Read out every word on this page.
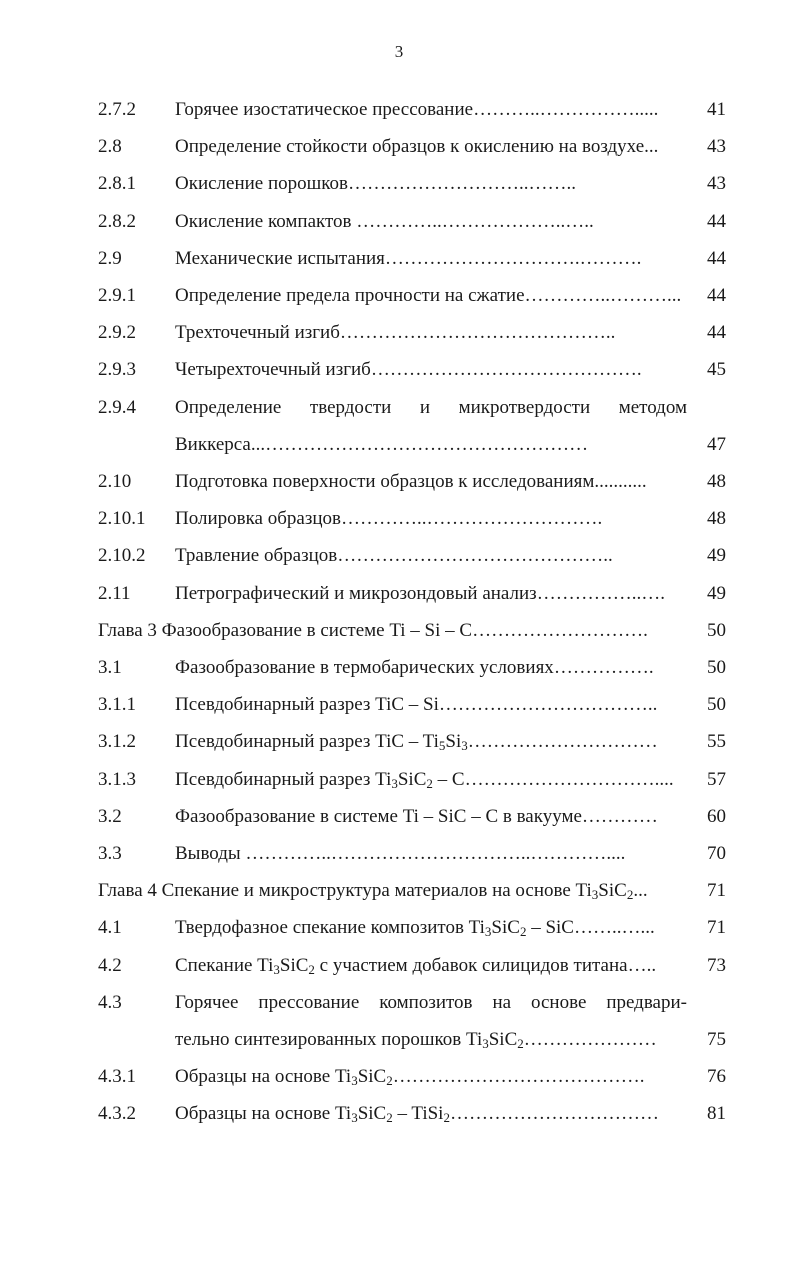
3
2.7.2 Горячее изостатическое прессование………..…………….....	41
2.8	Определение стойкости образцов к окислению на воздухе...	43
2.8.1 Окисление порошков………………………..……..	43
2.8.2 Окисление компактов …………..………………..…..	44
2.9	Механические испытания………………………….……….	44
2.9.1 Определение предела прочности на сжатие…………..………...	44
2.9.2 Трехточечный изгиб……………………………………..	44
2.9.3 Четырехточечный изгиб…………………………………….	45
2.9.4 Определение твердости и микротвердости методом
Виккерса...……………………………………………	47
2.10 Подготовка поверхности образцов к исследованиям...........	48
2.10.1 Полировка образцов…………..……………………….	48
2.10.2 Травление образцов……………………………………..	49
2.11 Петрографический и микрозондовый анализ……………..….	49
Глава 3 Фазообразование в системе Ti – Si – C……………………….	50
3.1	Фазообразование в термобарических условиях…………….	50
3.1.1 Псевдобинарный разрез TiC – Si……………………………..	50
3.1.2 Псевдобинарный разрез TiC – $Ti_5Si_3\dots\dots\dots\dots\dots\dots\dots\dots\dots\dots$	55
3.1.3 Псевдобинарный разрез $Ti_3SiC_2$ – C…………………………....	57
3.2	Фазообразование в системе Ti – SiC – C в вакууме…………	60
3.3	Выводы …………..…………………………..…………....	70
Глава 4 Спекание и микроструктура материалов на основе $Ti_3SiC_2$...	71
4.1	Твердофазное спекание композитов $Ti_3SiC_2$ – SiC……..…...	71
4.2	Спекание $Ti_3SiC_2$ с участием добавок силицидов титана…..	73
4.3	Горячее прессование композитов на основе предвари-
тельно синтезированных порошков $Ti_3SiC_2\dots\dots\dots\dots\dots\dots\dots$	75
4.3.1 Образцы на основе $Ti_3SiC_2\dots\dots\dots\dots\dots\dots\dots\dots\dots\dots\dots\dots\dots$.	76
4.3.2 Образцы на основе $Ti_3SiC_2$ – TiSi$_2$……………………………	81
